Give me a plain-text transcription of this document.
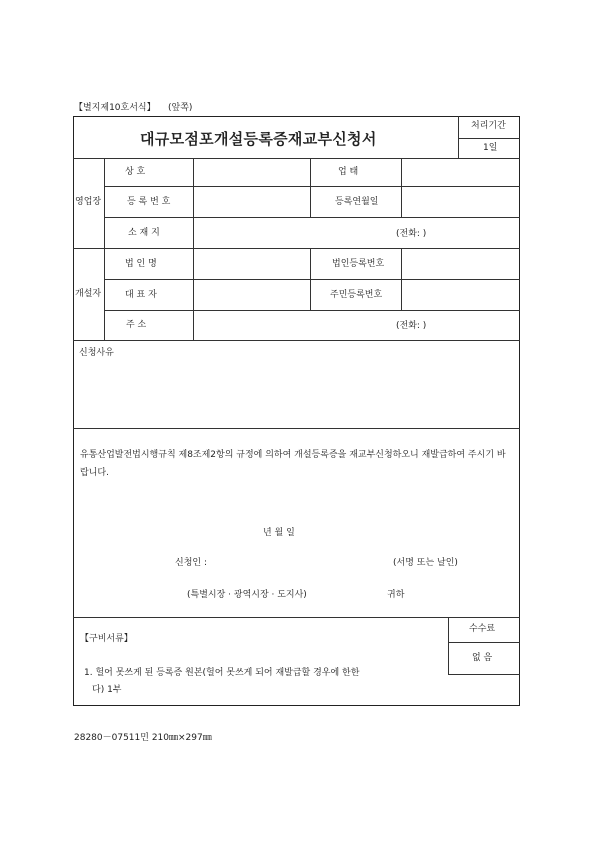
【별지제10호서식】 (앞쪽)
대규모점포개설등록증재교부신청서
처리기간
1일
영업장
상 호	업 태
등 록 번 호	등록연월일
소 재 지	(전화: )
개설자
법 인 명	법인등록번호
대 표 자	주민등록번호
주 소	(전화: )
신청사유
유통산업발전법시행규칙 제8조제2항의 규정에 의하여 개설등록증을 재교부신청하오니 재발급하여 주시기 바랍니다.
년 월 일
신청인 :	(서명 또는 날인)
(특별시장 · 광역시장 · 도지사)	귀하
【구비서류】
1. 헐어 못쓰게 된 등록증 원본(헐어 못쓰게 되어 재발급할 경우에 한한
다) 1부
수수료
없 음
28280－07511민 210㎜×297㎜
